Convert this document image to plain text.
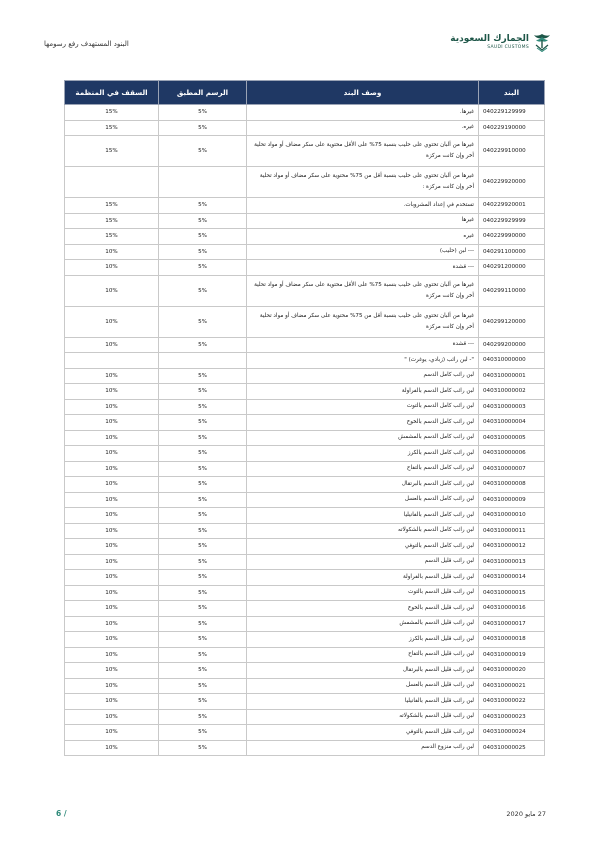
البنود المستهدف رفع رسومها
الجمارك السعودية
SAUDI CUSTOMS
البند	وصف البند	الرسم المطبق	السقف في المنظمة
040229129999	غيرها.	5%	15%
040229190000	غيره.	5%	15%
040229910000	غيرها من ألبان تحتوي على حليب بنسبة 75% على الأقل محتوية على سكر مضاف أو مواد تحلية أخر وإن كانت مركزة	5%	15%
040229920000	غيرها من ألبان تحتوي على حليب بنسبة أقل من 75% محتوية على سكر مضاف أو مواد تحلية أخر وإن كانت مركزة :		
040229920001	تستخدم في إعداد المشروبات.	5%	15%
040229929999	غيرها	5%	15%
040229990000	غيره	5%	15%
040291100000	--- لبن (حليب)	5%	10%
040291200000	--- قشدة	5%	10%
040299110000	غيرها من ألبان تحتوي على حليب بنسبة 75% على الأقل محتوية على سكر مضاف أو مواد تحلية أخر وإن كانت مركزة	5%	10%
040299120000	غيرها من ألبان تحتوي على حليب بنسبة أقل من 75% محتوية على سكر مضاف أو مواد تحلية أخر وإن كانت مركزة	5%	10%
040299200000	--- قشدة	5%	10%
040310000000	"- لبن رائب (زبادي، يوغرت) "		
040310000001	لبن رائب كامل الدسم	5%	10%
040310000002	لبن رائب كامل الدسم بالفراولة	5%	10%
040310000003	لبن رائب كامل الدسم بالتوت	5%	10%
040310000004	لبن رائب كامل الدسم بالخوخ	5%	10%
040310000005	لبن رائب كامل الدسم بالمشمش	5%	10%
040310000006	لبن رائب كامل الدسم بالكرز	5%	10%
040310000007	لبن رائب كامل الدسم بالتفاح	5%	10%
040310000008	لبن رائب كامل الدسم بالبرتقال	5%	10%
040310000009	لبن رائب كامل الدسم بالعسل	5%	10%
040310000010	لبن رائب كامل الدسم بالفانيليا	5%	10%
040310000011	لبن رائب كامل الدسم بالشكولاته	5%	10%
040310000012	لبن رائب كامل الدسم بالتوفي	5%	10%
040310000013	لبن رائب قليل الدسم	5%	10%
040310000014	لبن رائب قليل الدسم بالفراولة	5%	10%
040310000015	لبن رائب قليل الدسم بالتوت	5%	10%
040310000016	لبن رائب قليل الدسم بالخوخ	5%	10%
040310000017	لبن رائب قليل الدسم بالمشمش	5%	10%
040310000018	لبن رائب قليل الدسم بالكرز	5%	10%
040310000019	لبن رائب قليل الدسم بالتفاح	5%	10%
040310000020	لبن رائب قليل الدسم بالبرتقال	5%	10%
040310000021	لبن رائب قليل الدسم بالعسل	5%	10%
040310000022	لبن رائب قليل الدسم بالفانيليا	5%	10%
040310000023	لبن رائب قليل الدسم بالشكولاته	5%	10%
040310000024	لبن رائب قليل الدسم بالتوفي	5%	10%
040310000025	لبن رائب منزوع الدسم	5%	10%
27 مايو 2020
6 /
